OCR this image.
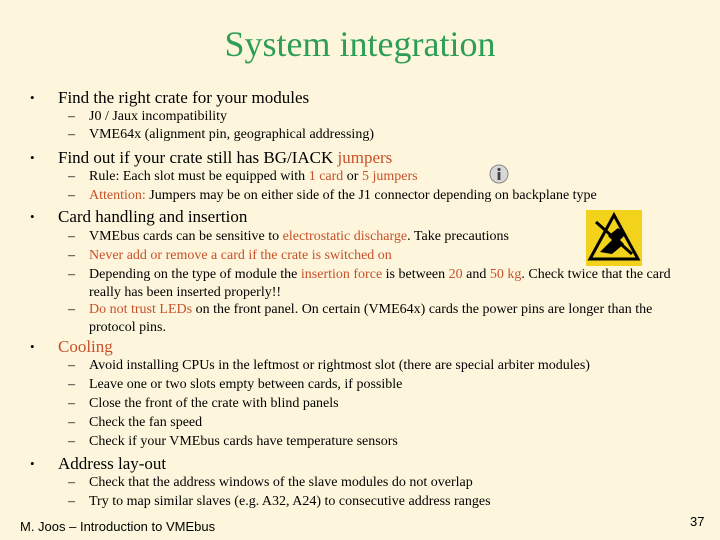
System integration
• Find the right crate for your modules
– J0 / Jaux incompatibility
– VME64x (alignment pin, geographical addressing)
• Find out if your crate still has BG/IACK jumpers
– Rule: Each slot must be equipped with 1 card or 5 jumpers
– Attention: Jumpers may be on either side of the J1 connector depending on backplane type
• Card handling and insertion
– VMEbus cards can be sensitive to electrostatic discharge. Take precautions
– Never add or remove a card if the crate is switched on
– Depending on the type of module the insertion force is between 20 and 50 kg. Check twice that the card really has been inserted properly!!
– Do not trust LEDs on the front panel. On certain (VME64x) cards the power pins are longer than the protocol pins.
• Cooling
– Avoid installing CPUs in the leftmost or rightmost slot (there are special arbiter modules)
– Leave one or two slots empty between cards, if possible
– Close the front of the crate with blind panels
– Check the fan speed
– Check if your VMEbus cards have temperature sensors
• Address lay-out
– Check that the address windows of the slave modules do not overlap
– Try to map similar slaves (e.g. A32, A24) to consecutive address ranges
M. Joos – Introduction to VMEbus	37
